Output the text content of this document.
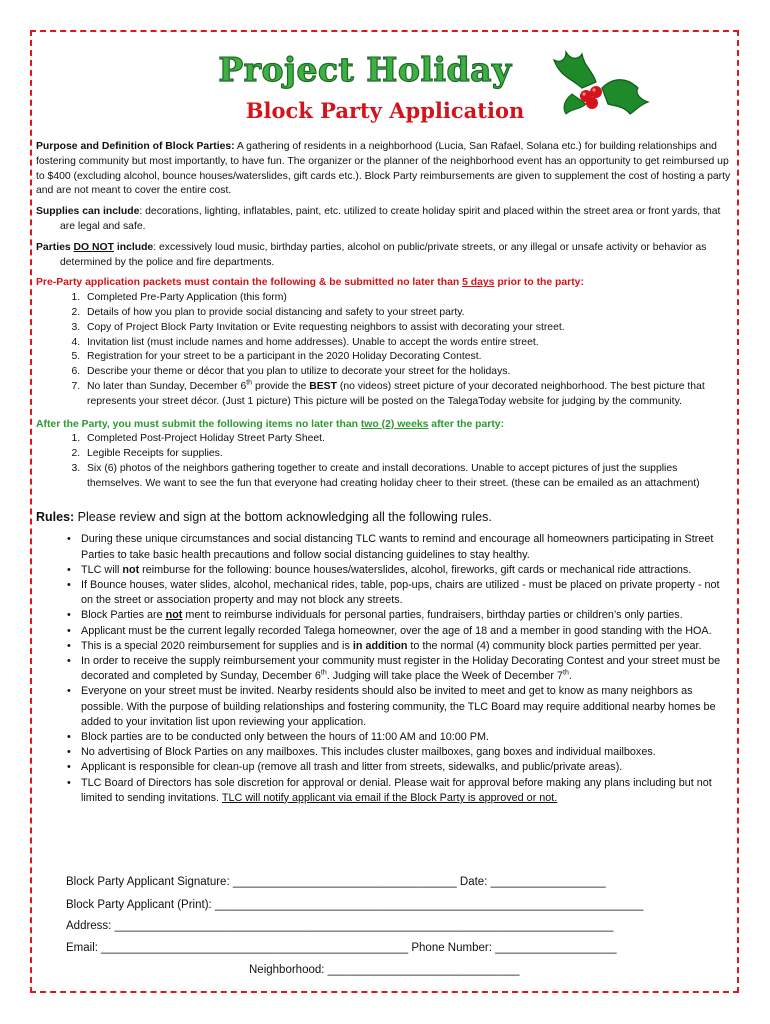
Project Holiday
Block Party Application

Purpose and Definition of Block Parties: A gathering of residents in a neighborhood (Lucia, San Rafael, Solana etc.) for building relationships and fostering community but most importantly, to have fun. The organizer or the planner of the neighborhood event has an opportunity to get reimbursed up to $400 (excluding alcohol, bounce houses/waterslides, gift cards etc.). Block Party reimbursements are given to supplement the cost of hosting a party and are not meant to cover the entire cost.

Supplies can include: decorations, lighting, inflatables, paint, etc. utilized to create holiday spirit and placed within the street area or front yards, that are legal and safe.

Parties DO NOT include: excessively loud music, birthday parties, alcohol on public/private streets, or any illegal or unsafe activity or behavior as determined by the police and fire departments.

Pre-Party application packets must contain the following & be submitted no later than 5 days prior to the party:

1. Completed Pre-Party Application (this form)
2. Details of how you plan to provide social distancing and safety to your street party.
3. Copy of Project Block Party Invitation or Evite requesting neighbors to assist with decorating your street.
4. Invitation list (must include names and home addresses). Unable to accept the words entire street.
5. Registration for your street to be a participant in the 2020 Holiday Decorating Contest.
6. Describe your theme or décor that you plan to utilize to decorate your street for the holidays.
7. No later than Sunday, December 6th provide the BEST (no videos) street picture of your decorated neighborhood. The best picture that represents your street décor. (Just 1 picture) This picture will be posted on the TalegaToday website for judging by the community.

After the Party, you must submit the following items no later than two (2) weeks after the party:

1. Completed Post-Project Holiday Street Party Sheet.
2. Legible Receipts for supplies.
3. Six (6) photos of the neighbors gathering together to create and install decorations. Unable to accept pictures of just the supplies themselves. We want to see the fun that everyone had creating holiday cheer to their street. (these can be emailed as an attachment)

Rules: Please review and sign at the bottom acknowledging all the following rules.

• During these unique circumstances and social distancing TLC wants to remind and encourage all homeowners participating in Street Parties to take basic health precautions and follow social distancing guidelines to stay healthy.
• TLC will not reimburse for the following: bounce houses/waterslides, alcohol, fireworks, gift cards or mechanical ride attractions.
• If Bounce houses, water slides, alcohol, mechanical rides, table, pop-ups, chairs are utilized - must be placed on private property - not on the street or association property and may not block any streets.
• Block Parties are not ment to reimburse individuals for personal parties, fundraisers, birthday parties or children’s only parties.
• Applicant must be the current legally recorded Talega homeowner, over the age of 18 and a member in good standing with the HOA.
• This is a special 2020 reimbursement for supplies and is in addition to the normal (4) community block parties permitted per year.
• In order to receive the supply reimbursement your community must register in the Holiday Decorating Contest and your street must be decorated and completed by Sunday, December 6th. Judging will take place the Week of December 7th.
• Everyone on your street must be invited. Nearby residents should also be invited to meet and get to know as many neighbors as possible. With the purpose of building relationships and fostering community, the TLC Board may require additional nearby homes be added to your invitation list upon reviewing your application.
• Block parties are to be conducted only between the hours of 11:00 AM and 10:00 PM.
• No advertising of Block Parties on any mailboxes. This includes cluster mailboxes, gang boxes and individual mailboxes.
• Applicant is responsible for clean-up (remove all trash and litter from streets, sidewalks, and public/private areas).
• TLC Board of Directors has sole discretion for approval or denial. Please wait for approval before making any plans including but not limited to sending invitations. TLC will notify applicant via email if the Block Party is approved or not.
Block Party Applicant Signature: ___________________________________ Date: __________________
Block Party Applicant (Print): ___________________________________________________________________
Address: ______________________________________________________________________________
Email: ________________________________________________ Phone Number: ___________________
Neighborhood: ______________________________
